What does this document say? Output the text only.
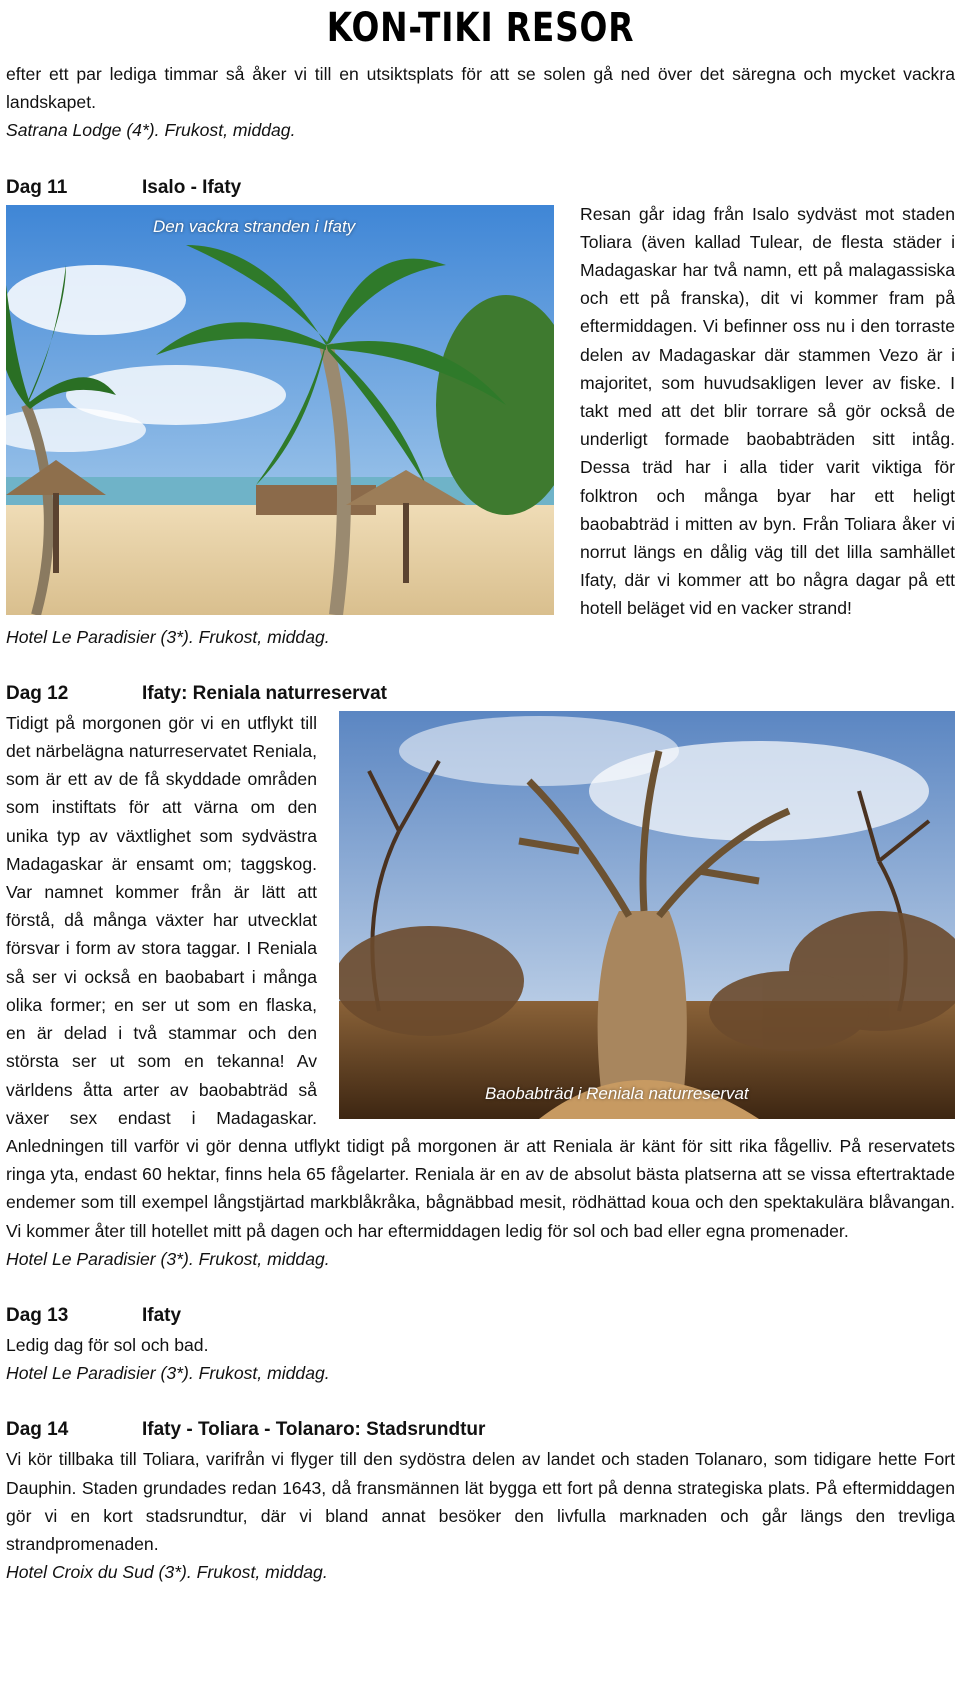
KON-TIKI RESOR

efter ett par lediga timmar så åker vi till en utsiktsplats för att se solen gå ned över det säregna och mycket vackra landskapet.

Satrana Lodge (4*). Frukost, middag.

Dag 11	Isalo - Ifaty
Den vackra stranden i Ifaty

Resan går idag från Isalo sydväst mot staden Toliara (även kallad Tulear, de flesta städer i Madagaskar har två namn, ett på malagassiska och ett på franska), dit vi kommer fram på eftermiddagen. Vi befinner oss nu i den torraste delen av Madagaskar där stammen Vezo är i majoritet, som huvudsakligen lever av fiske. I takt med att det blir torrare så gör också de underligt formade baobabträden sitt intåg. Dessa träd har i alla tider varit viktiga för folktron och många byar har ett heligt baobabträd i mitten av byn. Från Toliara åker vi norrut längs en dålig väg till det lilla samhället Ifaty, där vi kommer att bo några dagar på ett hotell beläget vid en vacker strand!

Hotel Le Paradisier (3*). Frukost, middag.

Dag 12	Ifaty: Reniala naturreservat
Baobabträd i Reniala naturreservat

Tidigt på morgonen gör vi en utflykt till det närbelägna naturreservatet Reniala, som är ett av de få skyddade områden som instiftats för att värna om den unika typ av växtlighet som sydvästra Madagaskar är ensamt om; taggskog. Var namnet kommer från är lätt att förstå, då många växter har utvecklat försvar i form av stora taggar. I Reniala så ser vi också en baobabart i många olika former; en ser ut som en flaska, en är delad i två stammar och den största ser ut som en tekanna! Av världens åtta arter av baobabträd så växer sex endast i Madagaskar. Anledningen till varför vi gör denna utflykt tidigt på morgonen är att Reniala är känt för sitt rika fågelliv. På reservatets ringa yta, endast 60 hektar, finns hela 65 fågelarter. Reniala är en av de absolut bästa platserna att se vissa eftertraktade endemer som till exempel långstjärtad markblåkråka, bågnäbbad mesit, rödhättad koua och den spektakulära blåvangan. Vi kommer åter till hotellet mitt på dagen och har eftermiddagen ledig för sol och bad eller egna promenader.

Hotel Le Paradisier (3*). Frukost, middag.

Dag 13	Ifaty

Ledig dag för sol och bad.

Hotel Le Paradisier (3*). Frukost, middag.

Dag 14	Ifaty - Toliara - Tolanaro: Stadsrundtur

Vi kör tillbaka till Toliara, varifrån vi flyger till den sydöstra delen av landet och staden Tolanaro, som tidigare hette Fort Dauphin. Staden grundades redan 1643, då fransmännen lät bygga ett fort på denna strategiska plats. På eftermiddagen gör vi en kort stadsrundtur, där vi bland annat besöker den livfulla marknaden och går längs den trevliga strandpromenaden.

Hotel Croix du Sud (3*). Frukost, middag.
